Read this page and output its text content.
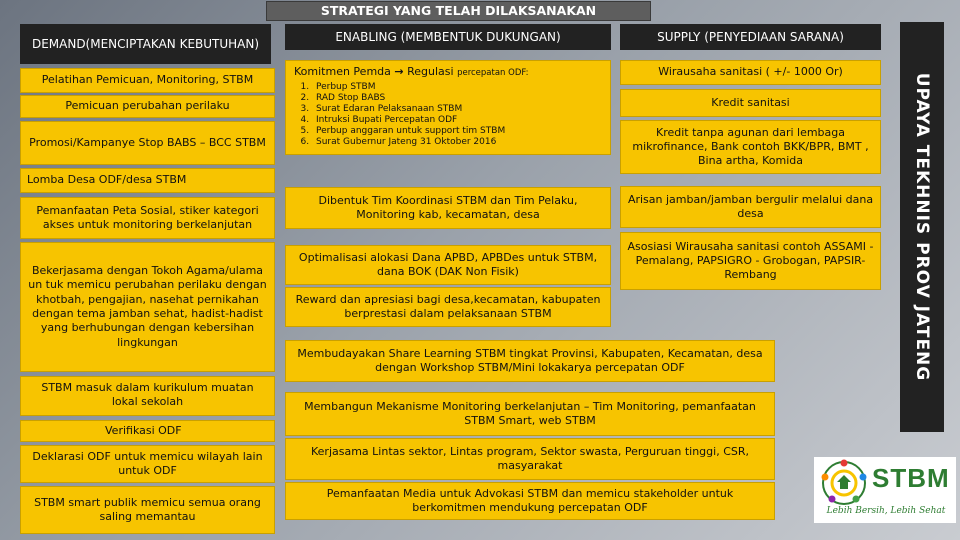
STRATEGI YANG TELAH DILAKSANAKAN
DEMAND(MENCIPTAKAN KEBUTUHAN)	ENABLING (MEMBENTUK DUKUNGAN)	SUPPLY (PENYEDIAAN SARANA)
UPAYA TEKHNIS PROV JATENG
Pelatihan Pemicuan, Monitoring, STBM
Pemicuan perubahan perilaku
Promosi/Kampanye Stop BABS – BCC STBM
Lomba Desa ODF/desa STBM
Pemanfaatan Peta Sosial, stiker kategori akses untuk monitoring berkelanjutan
Bekerjasama dengan Tokoh Agama/ulama un tuk memicu perubahan perilaku dengan khotbah, pengajian, nasehat pernikahan dengan tema jamban sehat, hadist-hadist yang berhubungan dengan kebersihan lingkungan
STBM masuk dalam kurikulum muatan lokal sekolah
Verifikasi ODF
Deklarasi ODF untuk memicu wilayah lain untuk ODF
STBM smart publik memicu semua orang saling memantau
Komitmen Pemda → Regulasi percepatan ODF:
1. Perbup STBM
2. RAD Stop BABS
3. Surat Edaran Pelaksanaan STBM
4. Intruksi Bupati Percepatan ODF
5. Perbup anggaran untuk support tim STBM
6. Surat Gubernur Jateng 31 Oktober 2016
Dibentuk Tim Koordinasi STBM dan Tim Pelaku, Monitoring kab, kecamatan, desa
Optimalisasi alokasi Dana APBD, APBDes untuk STBM, dana BOK (DAK Non Fisik)
Reward dan apresiasi bagi desa,kecamatan, kabupaten berprestasi dalam pelaksanaan STBM
Membudayakan Share Learning STBM tingkat Provinsi, Kabupaten, Kecamatan, desa dengan Workshop STBM/Mini lokakarya percepatan ODF
Membangun Mekanisme Monitoring berkelanjutan – Tim Monitoring, pemanfaatan STBM Smart, web STBM
Kerjasama Lintas sektor, Lintas program, Sektor swasta, Perguruan tinggi, CSR, masyarakat
Pemanfaatan Media untuk Advokasi STBM dan memicu stakeholder untuk berkomitmen mendukung percepatan ODF
Wirausaha sanitasi ( +/- 1000 Or)
Kredit sanitasi
Kredit tanpa agunan dari lembaga mikrofinance, Bank contoh BKK/BPR, BMT , Bina artha, Komida
Arisan jamban/jamban bergulir melalui dana desa
Asosiasi Wirausaha sanitasi contoh ASSAMI - Pemalang, PAPSIGRO - Grobogan, PAPSIR-Rembang
STBM
Lebih Bersih, Lebih Sehat
